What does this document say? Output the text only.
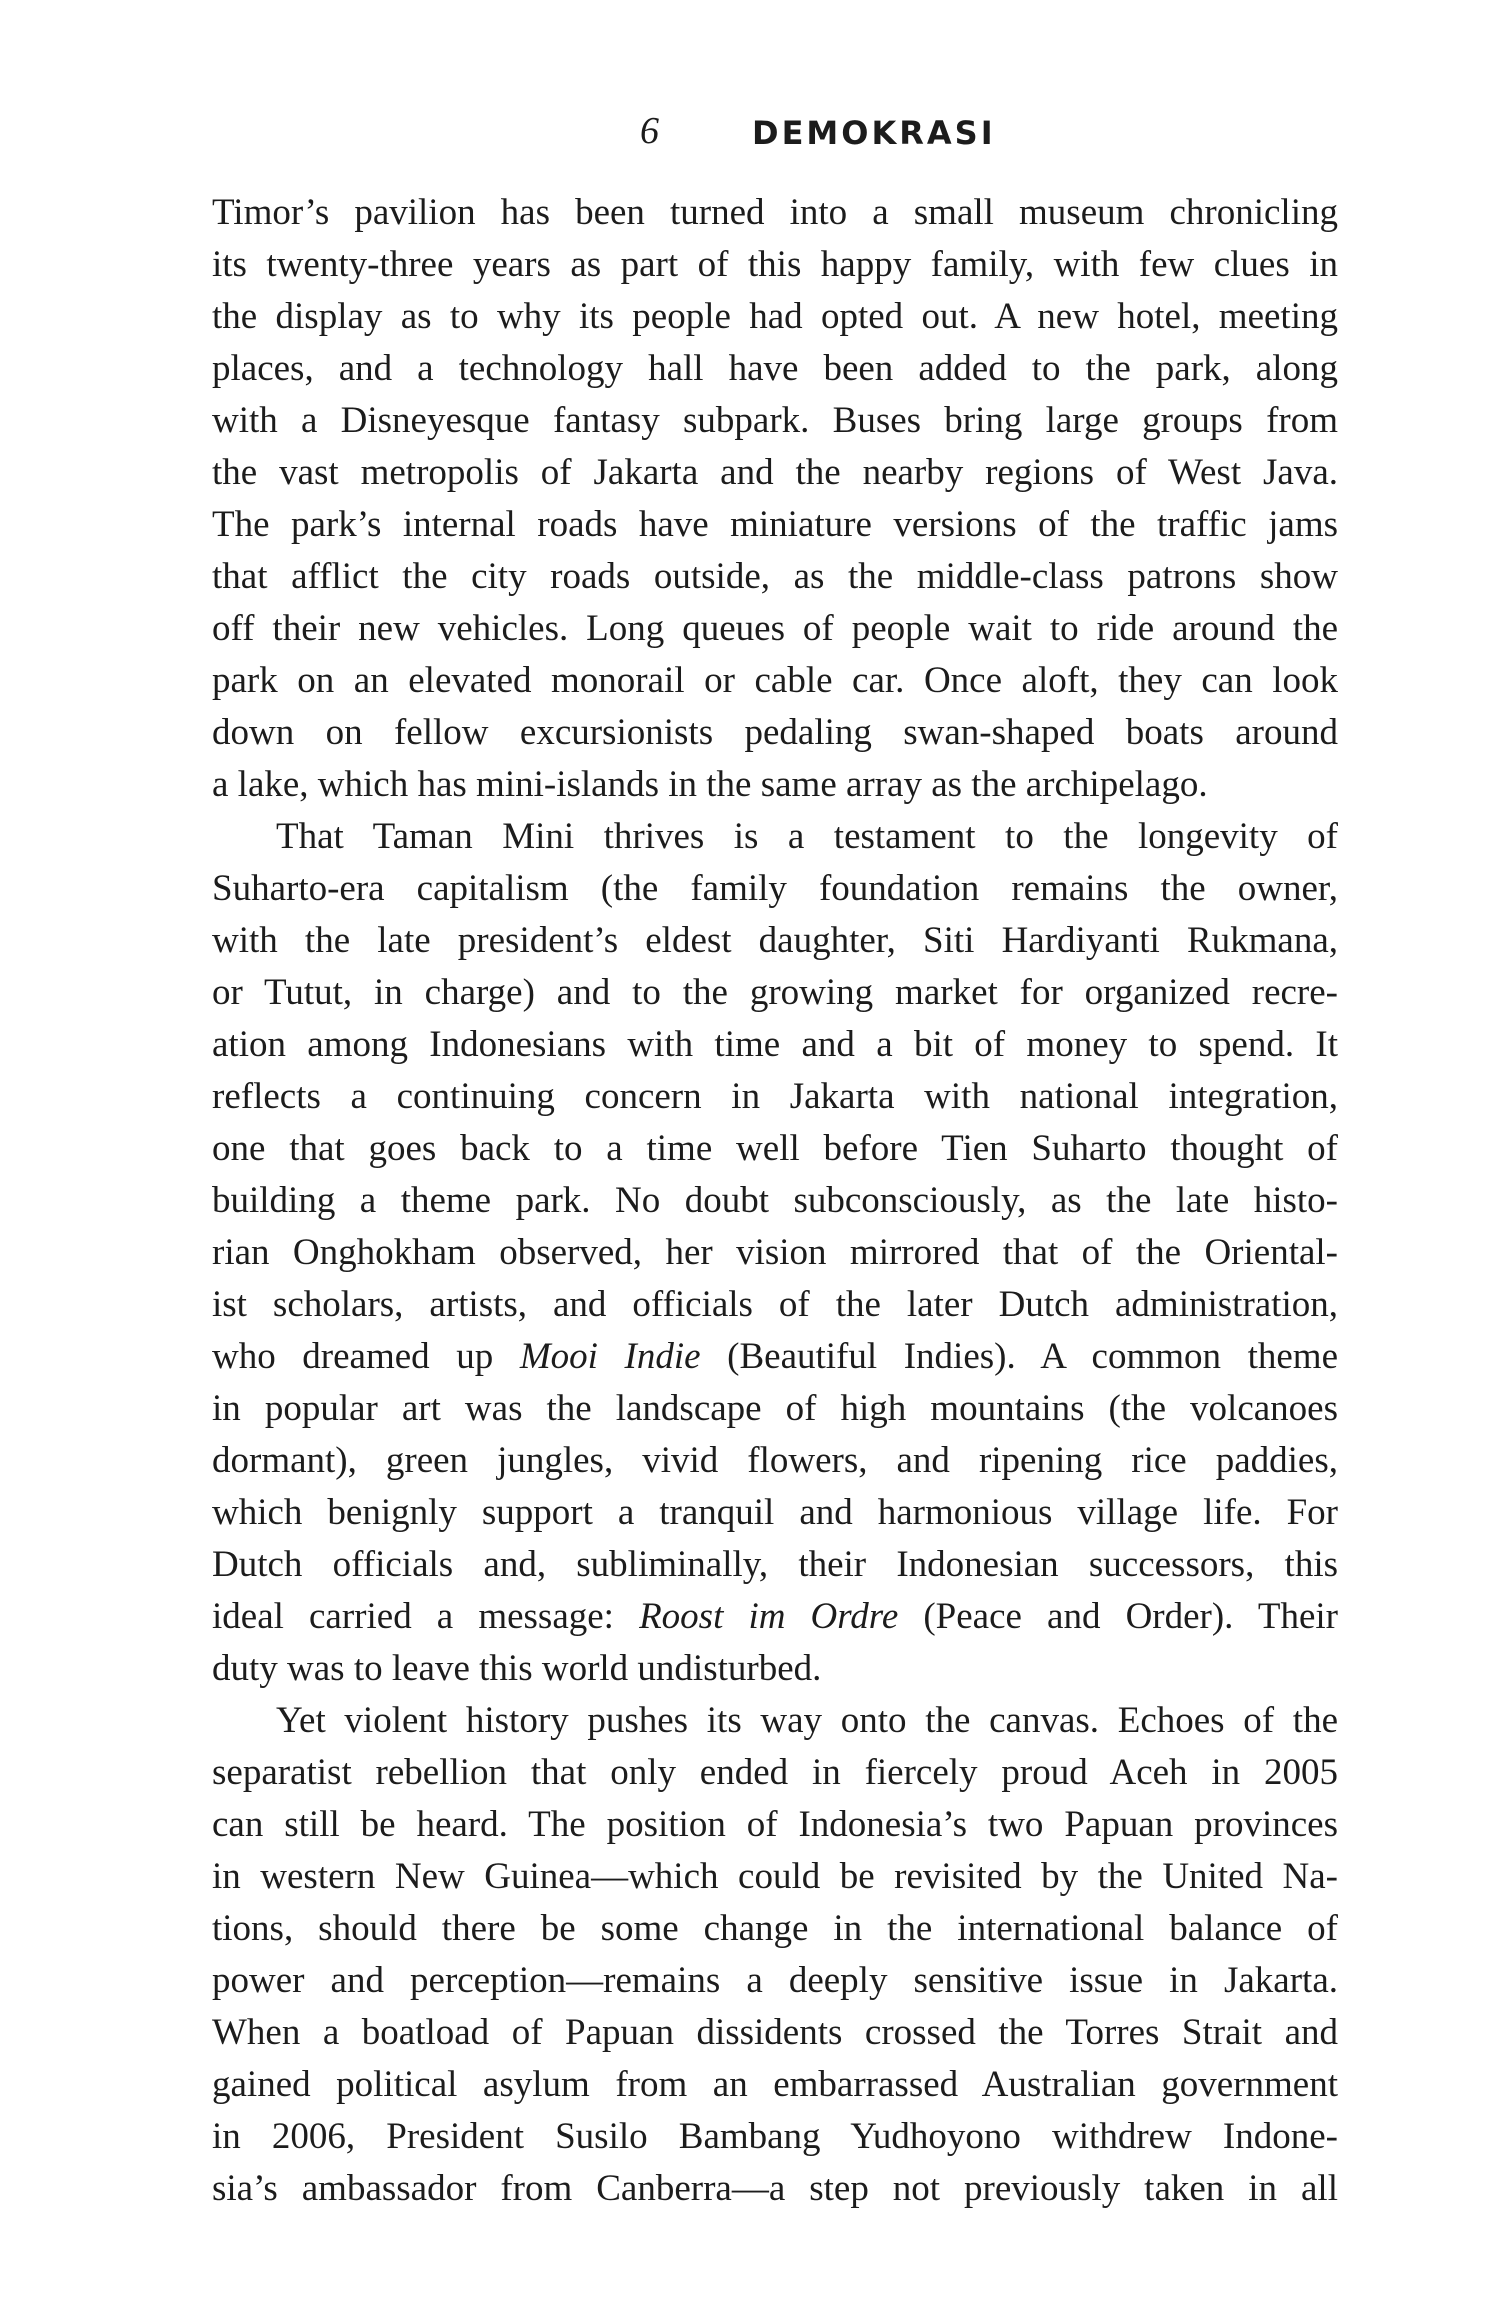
6	DEMOKRASI
Timor’s pavilion has been turned into a small museum chronicling
its twenty-three years as part of this happy family, with few clues in
the display as to why its people had opted out. A new hotel, meeting
places, and a technology hall have been added to the park, along
with a Disneyesque fantasy subpark. Buses bring large groups from
the vast metropolis of Jakarta and the nearby regions of West Java.
The park’s internal roads have miniature versions of the traffic jams
that afflict the city roads outside, as the middle-class patrons show
off their new vehicles. Long queues of people wait to ride around the
park on an elevated monorail or cable car. Once aloft, they can look
down on fellow excursionists pedaling swan-shaped boats around
a lake, which has mini-islands in the same array as the archipelago.
That Taman Mini thrives is a testament to the longevity of
Suharto-era capitalism (the family foundation remains the owner,
with the late president’s eldest daughter, Siti Hardiyanti Rukmana,
or Tutut, in charge) and to the growing market for organized recre-
ation among Indonesians with time and a bit of money to spend. It
reflects a continuing concern in Jakarta with national integration,
one that goes back to a time well before Tien Suharto thought of
building a theme park. No doubt subconsciously, as the late histo-
rian Onghokham observed, her vision mirrored that of the Oriental-
ist scholars, artists, and officials of the later Dutch administration,
who dreamed up Mooi Indie (Beautiful Indies). A common theme
in popular art was the landscape of high mountains (the volcanoes
dormant), green jungles, vivid flowers, and ripening rice paddies,
which benignly support a tranquil and harmonious village life. For
Dutch officials and, subliminally, their Indonesian successors, this
ideal carried a message: Roost im Ordre (Peace and Order). Their
duty was to leave this world undisturbed.
Yet violent history pushes its way onto the canvas. Echoes of the
separatist rebellion that only ended in fiercely proud Aceh in 2005
can still be heard. The position of Indonesia’s two Papuan provinces
in western New Guinea—which could be revisited by the United Na-
tions, should there be some change in the international balance of
power and perception—remains a deeply sensitive issue in Jakarta.
When a boatload of Papuan dissidents crossed the Torres Strait and
gained political asylum from an embarrassed Australian government
in 2006, President Susilo Bambang Yudhoyono withdrew Indone-
sia’s ambassador from Canberra—a step not previously taken in all
